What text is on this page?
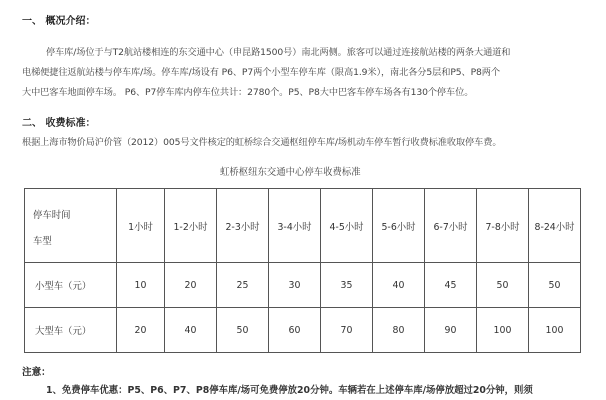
一、 概况介绍：
停车库/场位于与T2航站楼相连的东交通中心（申昆路1500号）南北两侧。旅客可以通过连接航站楼的两条大通道和
电梯便捷往返航站楼与停车库/场。停车库/场设有 P6、P7两个小型车停车库（限高1.9米），南北各分5层和P5、P8两个
大中巴客车地面停车场。 P6、P7停车库内停车位共计：2780个。P5、P8大中巴客车停车场各有130个停车位。
二、 收费标准：
根据上海市物价局沪价管（2012）005号文件核定的虹桥综合交通枢纽停车库/场机动车停车暂行收费标准收取停车费。
虹桥枢纽东交通中心停车收费标准
停车时间
车型	1小时	1-2小时	2-3小时	3-4小时	4-5小时	5-6小时	6-7小时	7-8小时	8-24小时
小型车（元）	10	20	25	30	35	40	45	50	50
大型车（元）	20	40	50	60	70	80	90	100	100
注意：
1、免费停车优惠：P5、P6、P7、P8停车库/场可免费停放20分钟。车辆若在上述停车库/场停放超过20分钟，则须
